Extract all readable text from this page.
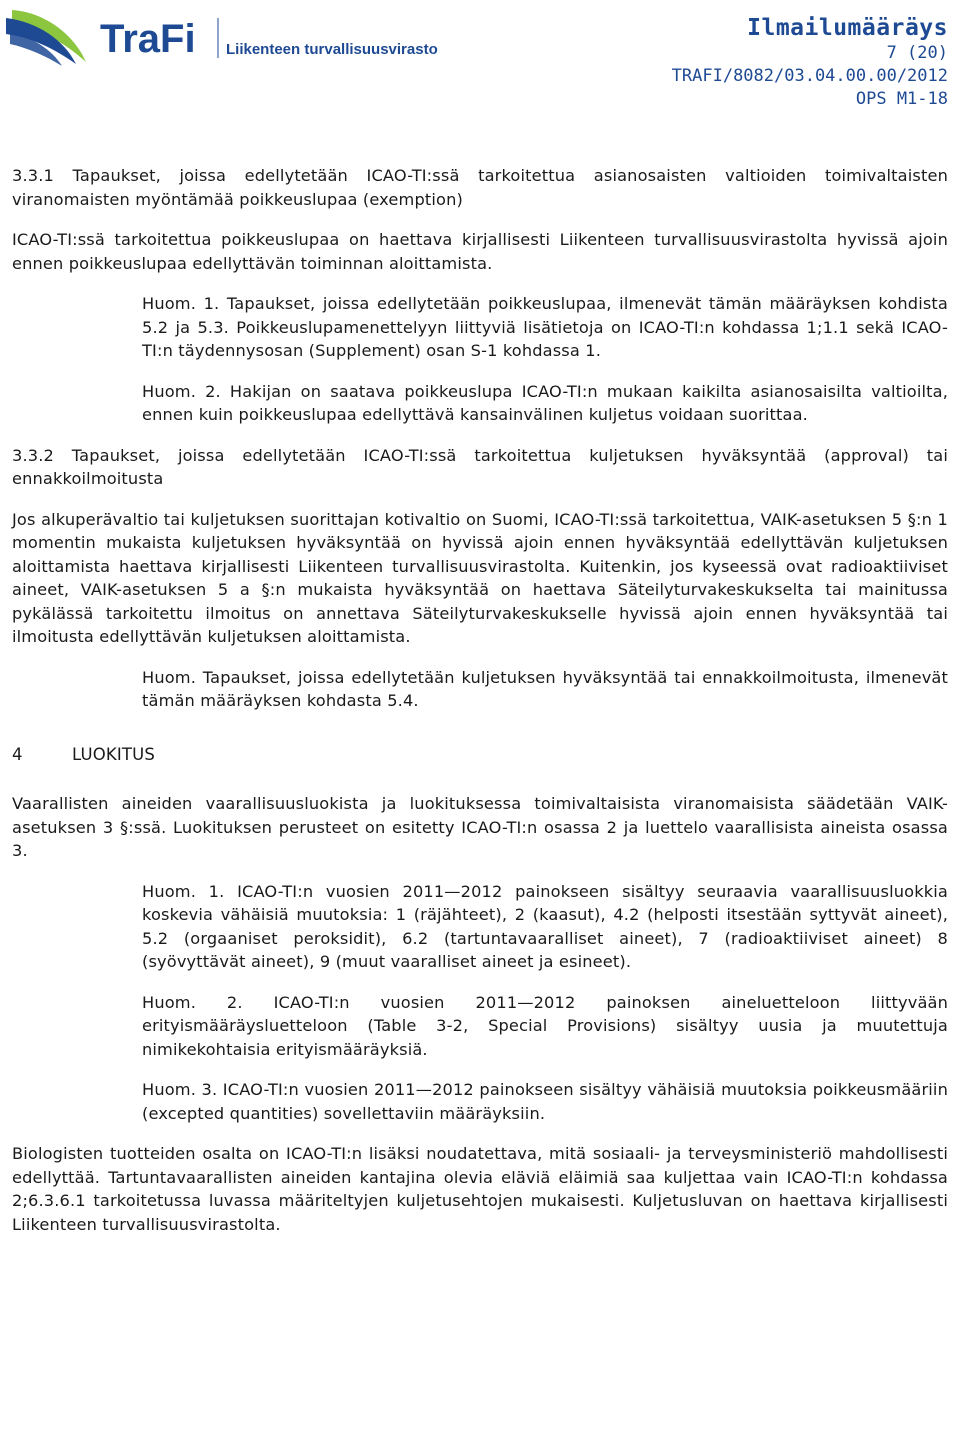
TraFi Liikenteen turvallisuusvirasto
Ilmailumääräys
7 (20)
TRAFI/8082/03.04.00.00/2012
OPS M1-18

3.3.1 Tapaukset, joissa edellytetään ICAO-TI:ssä tarkoitettua asianosaisten valtioiden toimivaltaisten viranomaisten myöntämää poikkeuslupaa (exemption)

ICAO-TI:ssä tarkoitettua poikkeuslupaa on haettava kirjallisesti Liikenteen turvallisuusvirastolta hyvissä ajoin ennen poikkeuslupaa edellyttävän toiminnan aloittamista.

Huom. 1. Tapaukset, joissa edellytetään poikkeuslupaa, ilmenevät tämän määräyksen kohdista 5.2 ja 5.3. Poikkeuslupamenettelyyn liittyviä lisätietoja on ICAO-TI:n kohdassa 1;1.1 sekä ICAO-TI:n täydennysosan (Supplement) osan S-1 kohdassa 1.

Huom. 2. Hakijan on saatava poikkeuslupa ICAO-TI:n mukaan kaikilta asianosaisilta valtioilta, ennen kuin poikkeuslupaa edellyttävä kansainvälinen kuljetus voidaan suorittaa.

3.3.2 Tapaukset, joissa edellytetään ICAO-TI:ssä tarkoitettua kuljetuksen hyväksyntää (approval) tai ennakkoilmoitusta

Jos alkuperävaltio tai kuljetuksen suorittajan kotivaltio on Suomi, ICAO-TI:ssä tarkoitettua, VAIK-asetuksen 5 §:n 1 momentin mukaista kuljetuksen hyväksyntää on hyvissä ajoin ennen hyväksyntää edellyttävän kuljetuksen aloittamista haettava kirjallisesti Liikenteen turvallisuusvirastolta. Kuitenkin, jos kyseessä ovat radioaktiiviset aineet, VAIK-asetuksen 5 a §:n mukaista hyväksyntää on haettava Säteilyturvakeskukselta tai mainitussa pykälässä tarkoitettu ilmoitus on annettava Säteilyturvakeskukselle hyvissä ajoin ennen hyväksyntää tai ilmoitusta edellyttävän kuljetuksen aloittamista.

Huom. Tapaukset, joissa edellytetään kuljetuksen hyväksyntää tai ennakkoilmoitusta, ilmenevät tämän määräyksen kohdasta 5.4.

4	LUOKITUS

Vaarallisten aineiden vaarallisuusluokista ja luokituksessa toimivaltaisista viranomaisista säädetään VAIK-asetuksen 3 §:ssä. Luokituksen perusteet on esitetty ICAO-TI:n osassa 2 ja luettelo vaarallisista aineista osassa 3.

Huom. 1. ICAO-TI:n vuosien 2011—2012 painokseen sisältyy seuraavia vaarallisuusluokkia koskevia vähäisiä muutoksia: 1 (räjähteet), 2 (kaasut), 4.2 (helposti itsestään syttyvät aineet), 5.2 (orgaaniset peroksidit), 6.2 (tartuntavaaralliset aineet), 7 (radioaktiiviset aineet) 8 (syövyttävät aineet), 9 (muut vaaralliset aineet ja esineet).

Huom. 2. ICAO-TI:n vuosien 2011—2012 painoksen aineluetteloon liittyvään erityismääräysluetteloon (Table 3-2, Special Provisions) sisältyy uusia ja muutettuja nimikekohtaisia erityismääräyksiä.

Huom. 3. ICAO-TI:n vuosien 2011—2012 painokseen sisältyy vähäisiä muutoksia poikkeusmääriin (excepted quantities) sovellettaviin määräyksiin.

Biologisten tuotteiden osalta on ICAO-TI:n lisäksi noudatettava, mitä sosiaali- ja terveysministeriö mahdollisesti edellyttää. Tartuntavaarallisten aineiden kantajina olevia eläviä eläimiä saa kuljettaa vain ICAO-TI:n kohdassa 2;6.3.6.1 tarkoitetussa luvassa määriteltyjen kuljetusehtojen mukaisesti. Kuljetusluvan on haettava kirjallisesti Liikenteen turvallisuusvirastolta.
